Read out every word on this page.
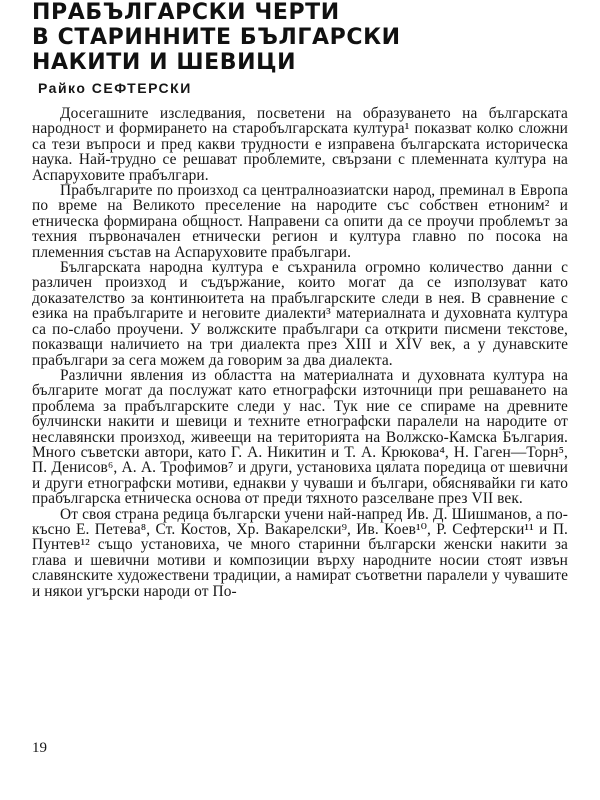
ПРАБЪЛГАРСКИ ЧЕРТИ
В СТАРИННИТЕ БЪЛГАРСКИ
НАКИТИ И ШЕВИЦИ
Райко СЕФТЕРСКИ

Досегашните изследвания, посветени на образуването на българската народност и формирането на старобългарската култура¹ показват колко сложни са тези въпроси и пред какви трудности е изправена българската историческа наука. Най-трудно се решават проблемите, свързани с племенната култура на Аспаруховите прабългари.

Прабългарите по произход са централноазиатски народ, преминал в Европа по време на Великото преселение на народите със собствен етноним² и етническа формирана общност. Направени са опити да се проучи проблемът за техния първоначален етнически регион и култура главно по посока на племенния състав на Аспаруховите прабългари.

Българската народна култура е съхранила огромно количество данни с различен произход и съдържание, които могат да се използуват като доказателство за континюитета на прабългарските следи в нея. В сравнение с езика на прабългарите и неговите диалекти³ материалната и духовната култура са по-слабо проучени. У волжските прабългари са открити писмени текстове, показващи наличието на три диалекта през XIII и XIV век, а у дунавските прабългари за сега можем да говорим за два диалекта.

Различни явления из областта на материалната и духовната култура на българите могат да послужат като етнографски източници при решаването на проблема за прабългарските следи у нас. Тук ние се спираме на древните булчински накити и шевици и техните етнографски паралели на народите от неславянски произход, живеещи на територията на Волжско-Камска България. Много съветски автори, като Г. А. Никитин и Т. А. Крюкова⁴, Н. Гаген—Торн⁵, П. Денисов⁶, А. А. Трофимов⁷ и други, установиха цялата поредица от шевични и други етнографски мотиви, еднакви у чуваши и българи, обяснявайки ги като прабългарска етническа основа от преди тяхното разселване през VII век.

От своя страна редица български учени най-напред Ив. Д. Шишманов, а по-късно Е. Петева⁸, Ст. Костов, Хр. Вакарелски⁹, Ив. Коев¹⁰, Р. Сефтерски¹¹ и П. Пунтев¹² също установиха, че много старинни български женски накити за глава и шевични мотиви и композиции върху народните носии стоят извън славянските художествени традиции, а намират съответни паралели у чувашите и някои угърски народи от По-

19
